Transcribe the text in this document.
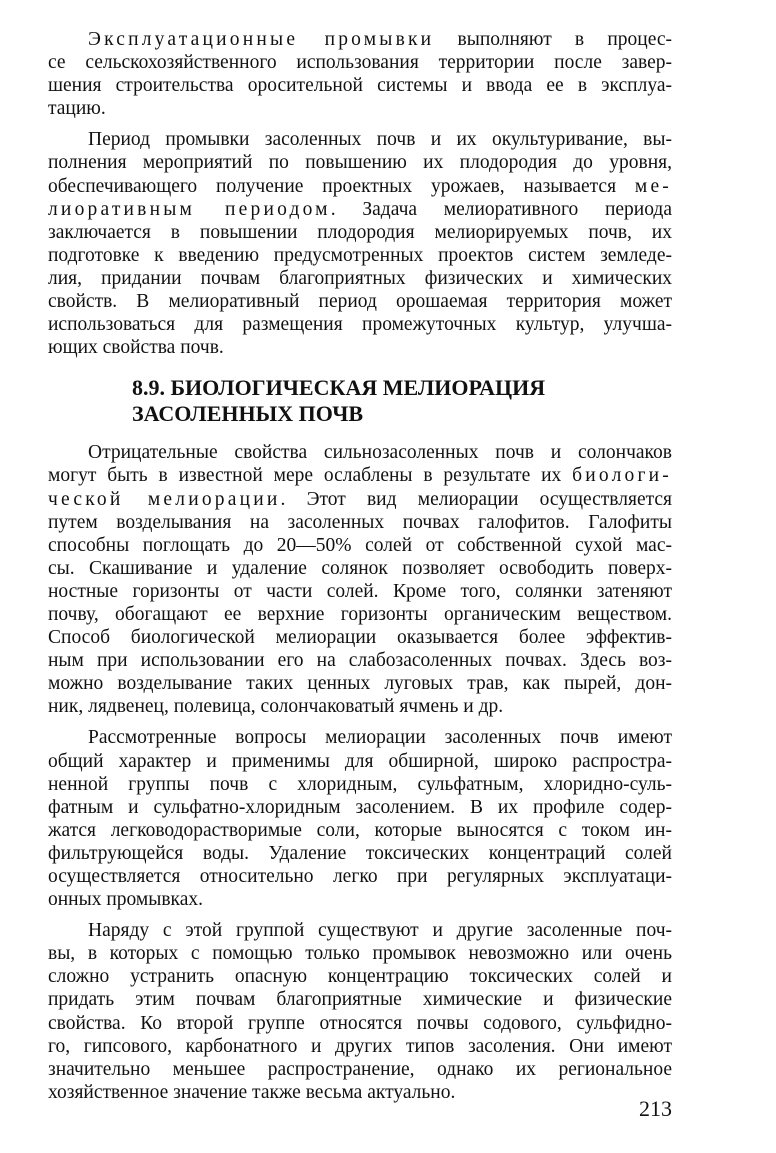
Эксплуатационные промывки выполняют в процес-
се сельскохозяйственного использования территории после завер-
шения строительства оросительной системы и ввода ее в эксплуа-
тацию.
Период промывки засоленных почв и их окультуривание, вы-
полнения мероприятий по повышению их плодородия до уровня,
обеспечивающего получение проектных урожаев, называется ме-
лиоративным периодом. Задача мелиоративного периода
заключается в повышении плодородия мелиорируемых почв, их
подготовке к введению предусмотренных проектов систем земледе-
лия, придании почвам благоприятных физических и химических
свойств. В мелиоративный период орошаемая территория может
использоваться для размещения промежуточных культур, улучша-
ющих свойства почв.
8.9. БИОЛОГИЧЕСКАЯ МЕЛИОРАЦИЯ
ЗАСОЛЕННЫХ ПОЧВ
Отрицательные свойства сильнозасоленных почв и солончаков
могут быть в известной мере ослаблены в результате их биологи-
ческой мелиорации. Этот вид мелиорации осуществляется
путем возделывания на засоленных почвах галофитов. Галофиты
способны поглощать до 20—50% солей от собственной сухой мас-
сы. Скашивание и удаление солянок позволяет освободить поверх-
ностные горизонты от части солей. Кроме того, солянки затеняют
почву, обогащают ее верхние горизонты органическим веществом.
Способ биологической мелиорации оказывается более эффектив-
ным при использовании его на слабозасоленных почвах. Здесь воз-
можно возделывание таких ценных луговых трав, как пырей, дон-
ник, лядвенец, полевица, солончаковатый ячмень и др.
Рассмотренные вопросы мелиорации засоленных почв имеют
общий характер и применимы для обширной, широко распростра-
ненной группы почв с хлоридным, сульфатным, хлоридно-суль-
фатным и сульфатно-хлоридным засолением. В их профиле содер-
жатся легководорастворимые соли, которые выносятся с током ин-
фильтрующейся воды. Удаление токсических концентраций солей
осуществляется относительно легко при регулярных эксплуатаци-
онных промывках.
Наряду с этой группой существуют и другие засоленные поч-
вы, в которых с помощью только промывок невозможно или очень
сложно устранить опасную концентрацию токсических солей и
придать этим почвам благоприятные химические и физические
свойства. Ко второй группе относятся почвы содового, сульфидно-
го, гипсового, карбонатного и других типов засоления. Они имеют
значительно меньшее распространение, однако их региональное
хозяйственное значение также весьма актуально.
213
